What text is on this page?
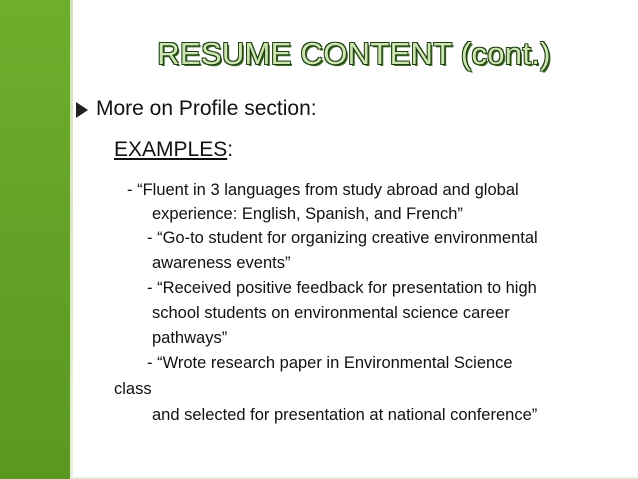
RESUME CONTENT (cont.)
More on Profile section:
EXAMPLES:
- “Fluent in 3 languages from study abroad and global
experience: English, Spanish, and French”
- “Go-to student for organizing creative environmental
awareness events”
- “Received positive feedback for presentation to high
school students on environmental science career
pathways”
- “Wrote research paper in Environmental Science
class
and selected for presentation at national conference”
